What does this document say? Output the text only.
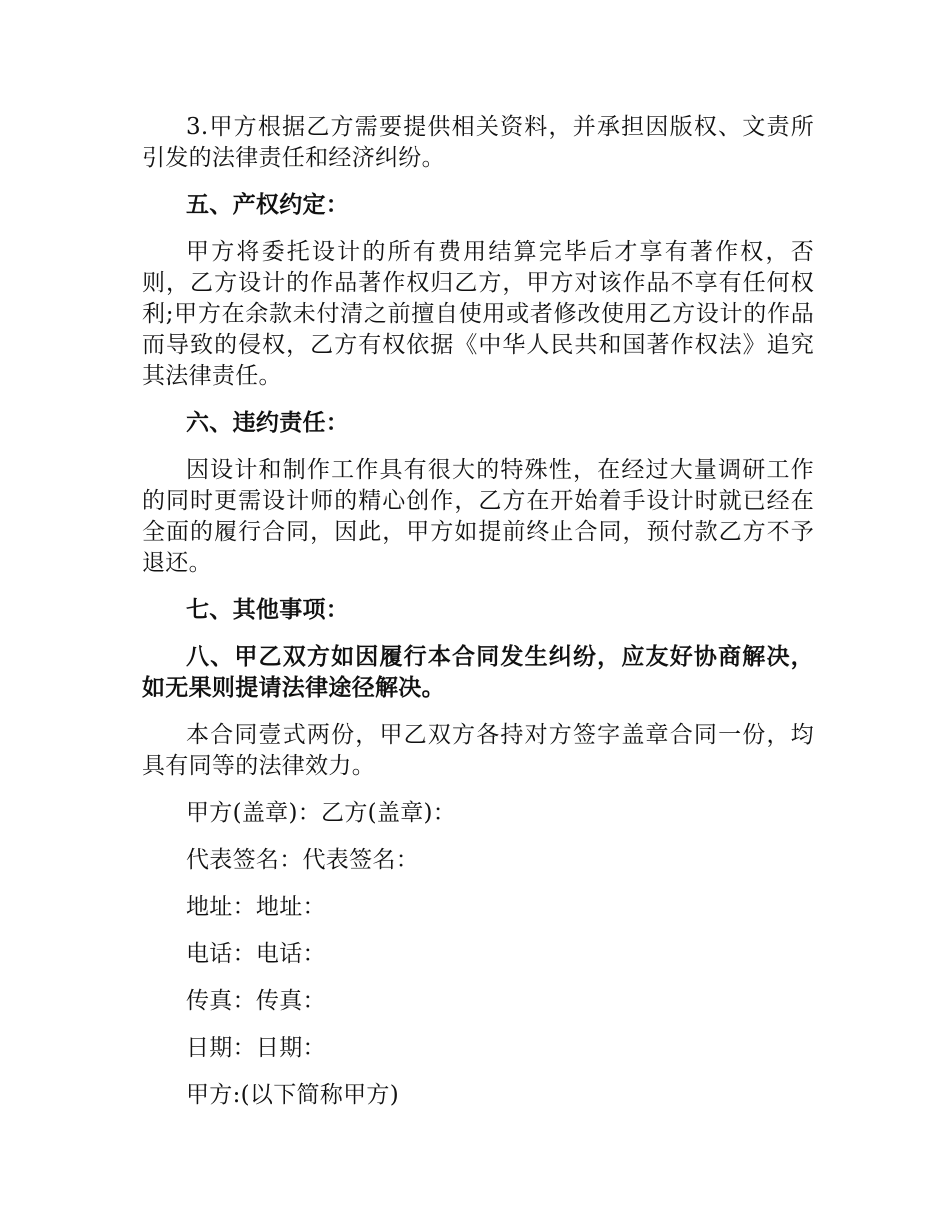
3.甲方根据乙方需要提供相关资料，并承担因版权、文责所引发的法律责任和经济纠纷。

五、产权约定：

甲方将委托设计的所有费用结算完毕后才享有著作权，否则，乙方设计的作品著作权归乙方，甲方对该作品不享有任何权利;甲方在余款未付清之前擅自使用或者修改使用乙方设计的作品而导致的侵权，乙方有权依据《中华人民共和国著作权法》追究其法律责任。

六、违约责任：

因设计和制作工作具有很大的特殊性，在经过大量调研工作的同时更需设计师的精心创作，乙方在开始着手设计时就已经在全面的履行合同，因此，甲方如提前终止合同，预付款乙方不予退还。

七、其他事项：

八、甲乙双方如因履行本合同发生纠纷，应友好协商解决，如无果则提请法律途径解决。

本合同壹式两份，甲乙双方各持对方签字盖章合同一份，均具有同等的法律效力。

甲方(盖章)：乙方(盖章)：

代表签名：代表签名：

地址：地址：

电话：电话：

传真：传真：

日期：日期：

甲方:(以下简称甲方)
